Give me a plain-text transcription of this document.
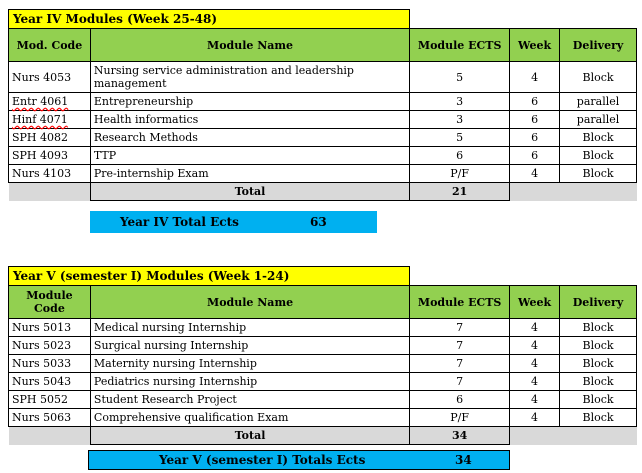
Year IV Modules (Week 25-48)
Mod. Code	Module Name	Module ECTS	Week	Delivery
Nurs 4053	Nursing service administration and leadership management	5	4	Block
Entr 4061	Entrepreneurship	3	6	parallel
Hinf 4071	Health informatics	3	6	parallel
SPH 4082	Research Methods	5	6	Block
SPH 4093	TTP	6	6	Block
Nurs 4103	Pre-internship Exam	P/F	4	Block
	Total	21		
Year IV Total Ects	63
Year V (semester I) Modules (Week 1-24)
Module Code	Module Name	Module ECTS	Week	Delivery
Nurs 5013	Medical nursing Internship	7	4	Block
Nurs 5023	Surgical nursing Internship	7	4	Block
Nurs 5033	Maternity nursing Internship	7	4	Block
Nurs 5043	Pediatrics nursing Internship	7	4	Block
SPH 5052	Student Research Project	6	4	Block
Nurs 5063	Comprehensive qualification Exam	P/F	4	Block
	Total	34		
Year V (semester I) Totals Ects	34
